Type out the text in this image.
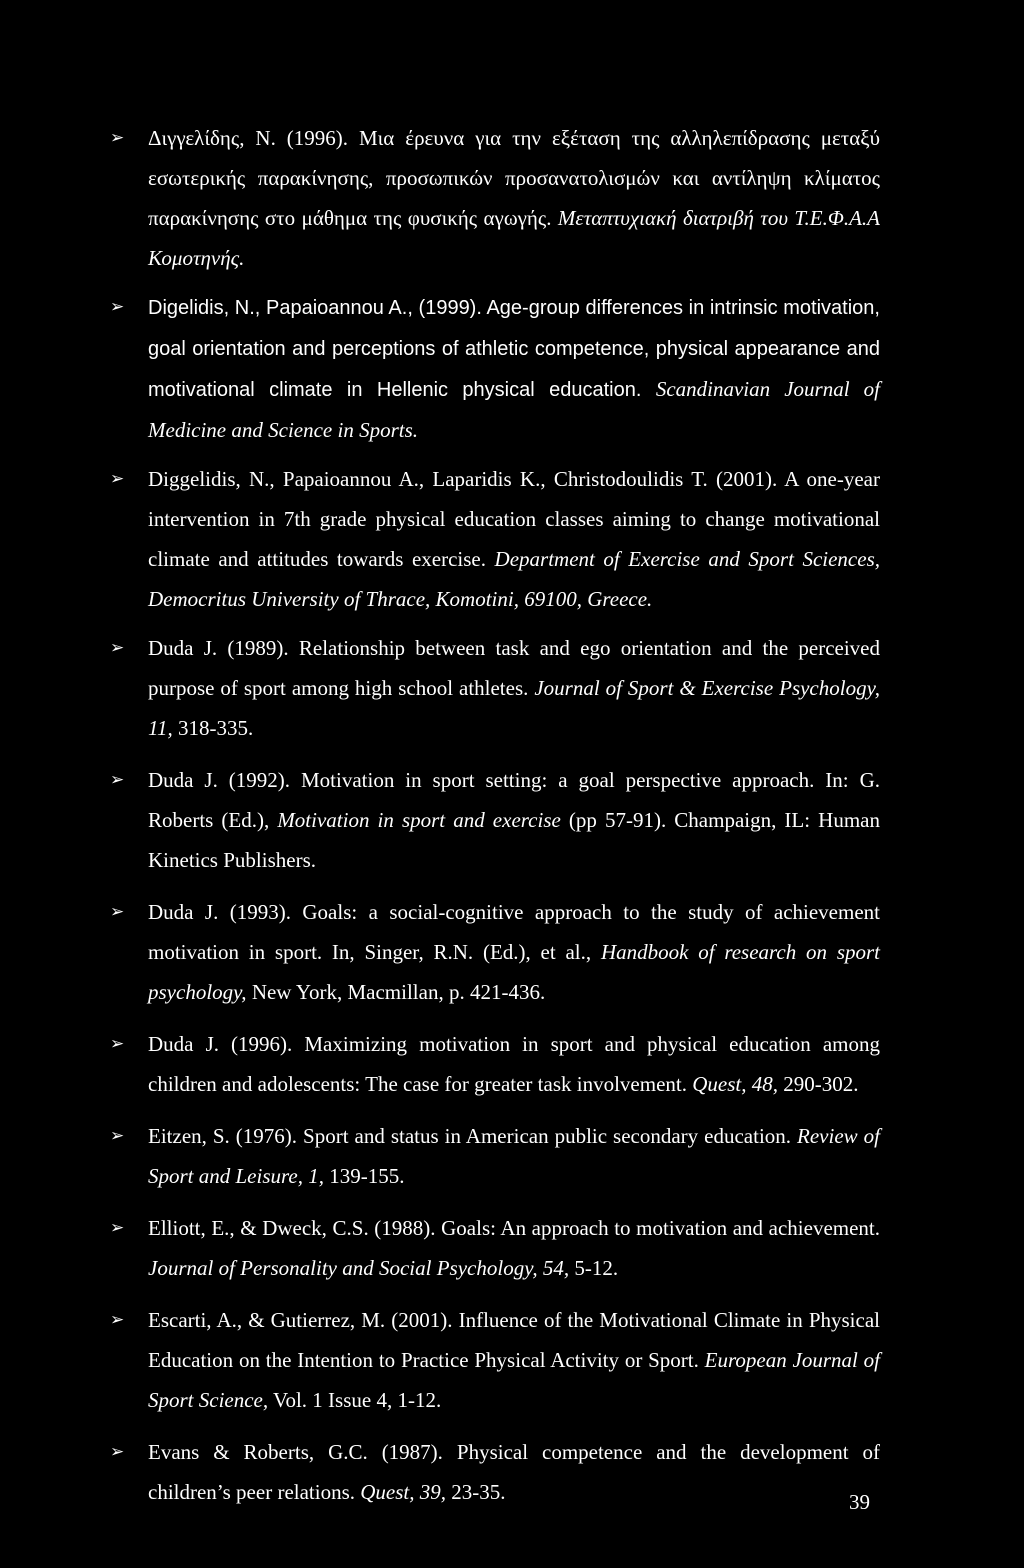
➢ Διγγελίδης, Ν. (1996). Μια έρευνα για την εξέταση της αλληλεπίδρασης μεταξύ εσωτερικής παρακίνησης, προσωπικών προσανατολισμών και αντίληψη κλίματος παρακίνησης στο μάθημα της φυσικής αγωγής. Μεταπτυχιακή διατριβή του Τ.Ε.Φ.Α.Α Κομοτηνής.
➢ Digelidis, N., Papaioannou A., (1999). Age-group differences in intrinsic motivation, goal orientation and perceptions of athletic competence, physical appearance and motivational climate in Hellenic physical education. Scandinavian Journal of Medicine and Science in Sports.
➢ Diggelidis, N., Papaioannou A., Laparidis K., Christodoulidis T. (2001). A one-year intervention in 7th grade physical education classes aiming to change motivational climate and attitudes towards exercise. Department of Exercise and Sport Sciences, Democritus University of Thrace, Komotini, 69100, Greece.
➢ Duda J. (1989). Relationship between task and ego orientation and the perceived purpose of sport among high school athletes. Journal of Sport & Exercise Psychology, 11, 318-335.
➢ Duda J. (1992). Motivation in sport setting: a goal perspective approach. In: G. Roberts (Ed.), Motivation in sport and exercise (pp 57-91). Champaign, IL: Human Kinetics Publishers.
➢ Duda J. (1993). Goals: a social-cognitive approach to the study of achievement motivation in sport. In, Singer, R.N. (Ed.), et al., Handbook of research on sport psychology, New York, Macmillan, p. 421-436.
➢ Duda J. (1996). Maximizing motivation in sport and physical education among children and adolescents: The case for greater task involvement. Quest, 48, 290-302.
➢ Eitzen, S. (1976). Sport and status in American public secondary education. Review of Sport and Leisure, 1, 139-155.
➢ Elliott, E., & Dweck, C.S. (1988). Goals: An approach to motivation and achievement. Journal of Personality and Social Psychology, 54, 5-12.
➢ Escarti, A., & Gutierrez, M. (2001). Influence of the Motivational Climate in Physical Education on the Intention to Practice Physical Activity or Sport. European Journal of Sport Science, Vol. 1 Issue 4, 1-12.
➢ Evans & Roberts, G.C. (1987). Physical competence and the development of children’s peer relations. Quest, 39, 23-35.	39
